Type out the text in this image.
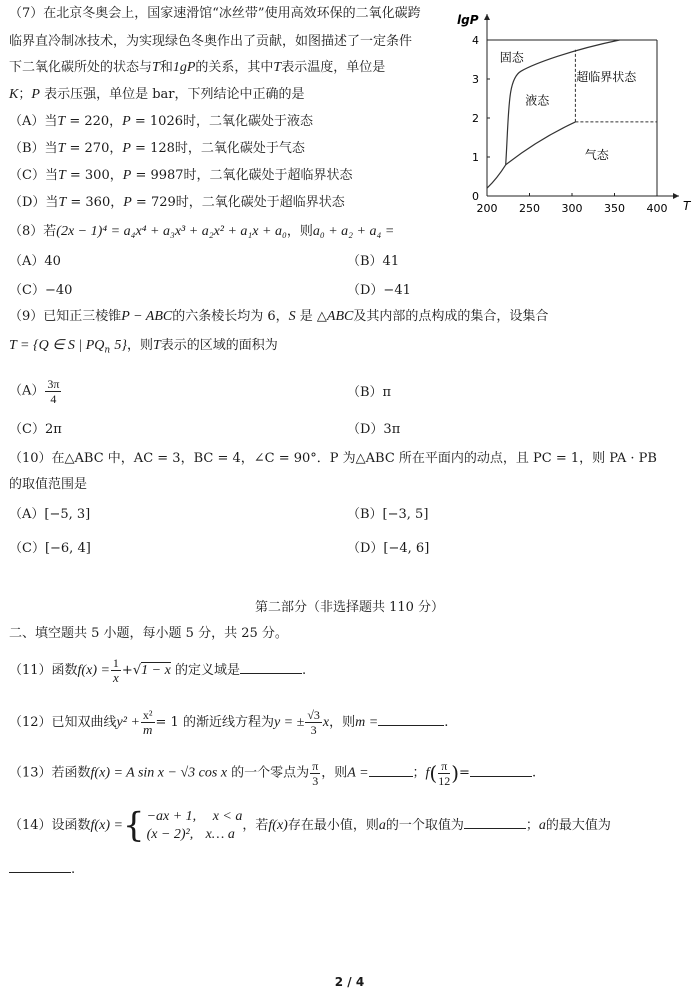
（7）在北京冬奥会上，国家速滑馆“冰丝带”使用高效环保的二氧化碳跨
临界直冷制冰技术，为实现绿色冬奥作出了贡献，如图描述了一定条件
下二氧化碳所处的状态与T和1gP的关系，其中T表示温度，单位是
K；P 表示压强，单位是 bar，下列结论中正确的是
（A）当T = 220，P = 1026时，二氧化碳处于液态
（B）当T = 270，P = 128时，二氧化碳处于气态
（C）当T = 300，P = 9987时，二氧化碳处于超临界状态
（D）当T = 360，P = 729时，二氧化碳处于超临界状态	200 250 300 350 400
0
1
2
3
4
lgP
T
固态
液态
超临界状态
气态
（8）若(2x − 1)⁴ = a₄x⁴ + a₃x³ + a₂x² + a₁x + a₀，则a₀ + a₂ + a₄ =
（A）40	（B）41
（C）−40	（D）−41
（9）已知正三棱锥P − ABC的六条棱长均为 6，S 是 △ABC及其内部的点构成的集合，设集合
T = {Q ∈ S | $PQ_n$ 5}，则T表示的区域的面积为
$(A) \frac{3\pi}{4}$	（B）π
（C）2π	（D）3π
（10）在△ABC 中，AC = 3，BC = 4，∠C = 90°．P 为△ABC 所在平面内的动点，且 PC = 1，则 PA · PB
的取值范围是
（A）[−5, 3]	（B）[−3, 5]
（C）[−6, 4]	（D）[−4, 6]
第二部分（非选择题共 110 分）
二、填空题共 5 小题，每小题 5 分，共 25 分。
（11）函数$f(x) = \frac{1}{x}+√1 - x$ 的定义域是	.
（12）已知双曲线$y^2 + \frac{\text{x²}}{m}= 1$ 的渐近线方程为y = ± $\frac{√3}{3}$ x，则m =	.
（13）若函数f(x) = A sin x − √3 cos x 的一个零点为 $\frac{\pi}{3}$ ，则A =	；$f( \frac{\pi}{12}$ )=	.
（14）设函数f(x) ={ −ax + 1, x < a
(x − 2)², x… a
，若f(x)存在最小值，则a的一个取值为	；a的最大值为
.
2 / 4
